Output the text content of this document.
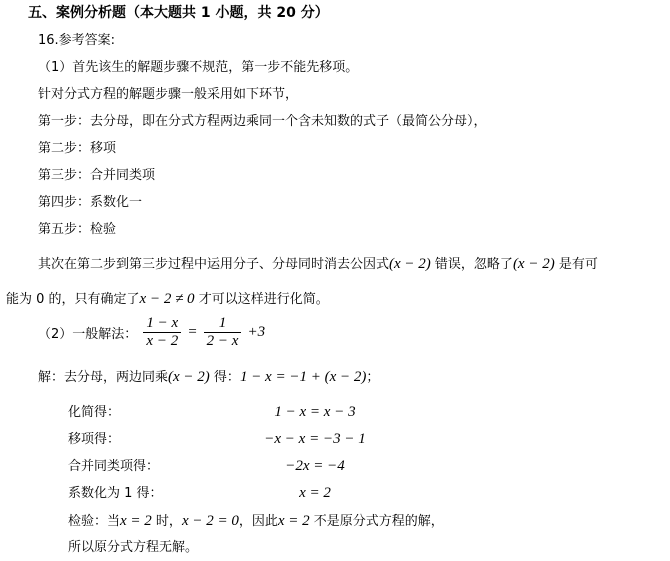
五、案例分析题（本大题共 1 小题，共 20 分）
16.参考答案:
（1）首先该生的解题步骤不规范，第一步不能先移项。
针对分式方程的解题步骤一般采用如下环节，
第一步：去分母，即在分式方程两边乘同一个含未知数的式子（最简公分母），
第二步：移项
第三步：合并同类项
第四步：系数化一
第五步：检验
其次在第二步到第三步过程中运用分子、分母同时消去公因式(x − 2) 错误，忽略了(x − 2) 是有可
能为 0 的，只有确定了x − 2 ≠ 0 才可以这样进行化简。
（2）一般解法： $\frac{1 - x}{x - 2} = \frac{1}{2 - x} +3$
解：去分母，两边同乘(x − 2) 得：1 − x = −1 + (x − 2)；
化简得：	1 − x = x − 3
移项得：	−x − x = −3 − 1
合并同类项得：	−2x = −4
系数化为 1 得：	x = 2
检验：当x = 2 时，x − 2 = 0，因此x = 2 不是原分式方程的解，
所以原分式方程无解。
